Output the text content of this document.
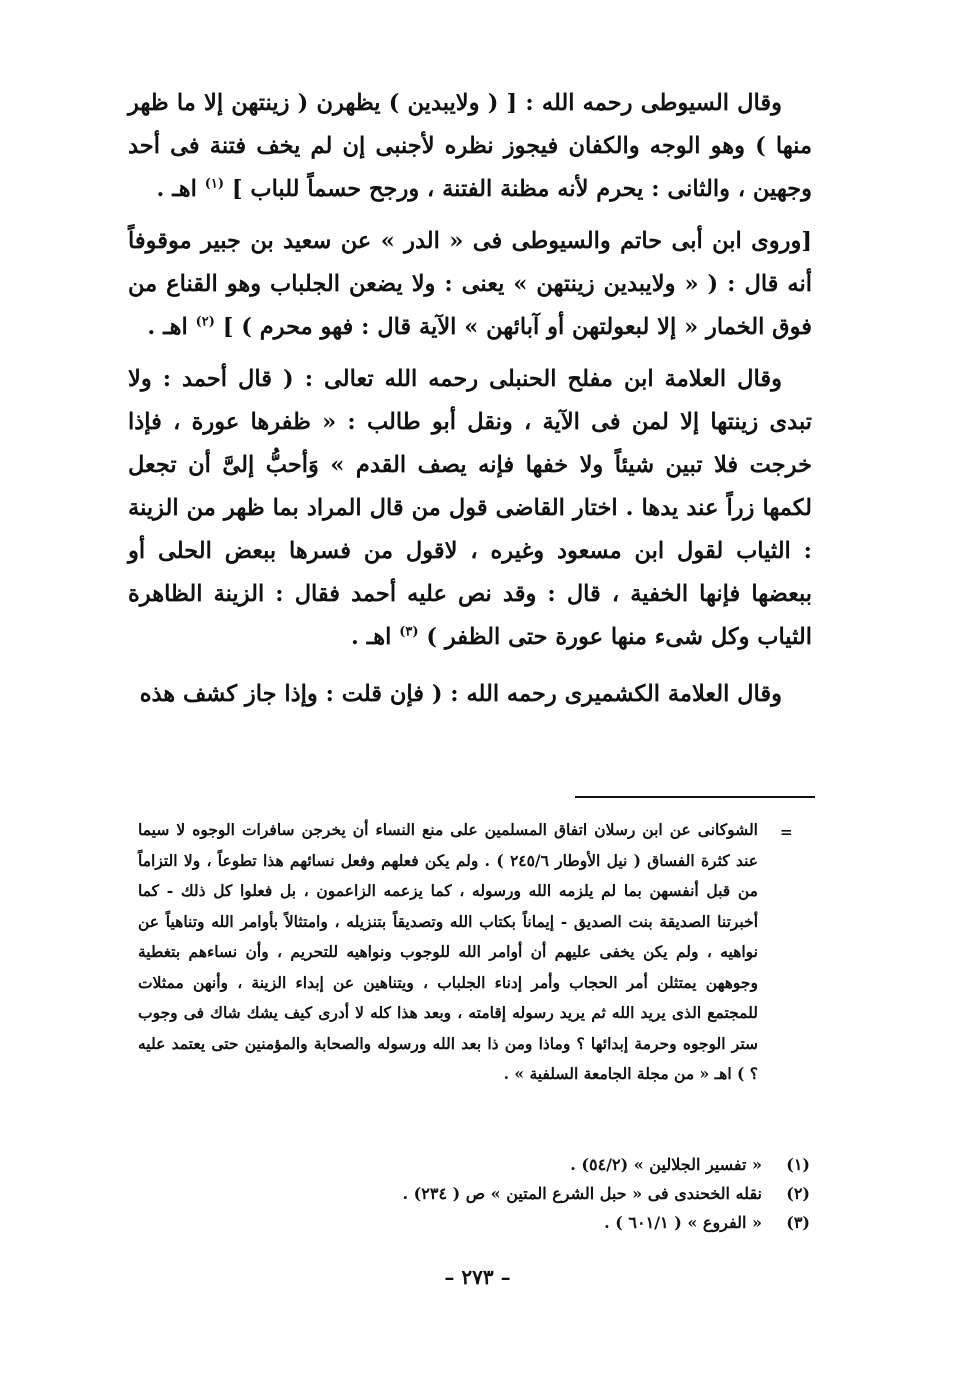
وقال السيوطى رحمه الله : [ ( ولايبدين ) يظهرن ( زينتهن إلا ما ظهر منها ) وهو الوجه والكفان فيجوز نظره لأجنبى إن لم يخف فتنة فى أحد وجهين ، والثانى : يحرم لأنه مظنة الفتنة ، ورجح حسماً للباب ] $^{(١)}$ اهـ .

[وروى ابن أبى حاتم والسيوطى فى « الدر » عن سعيد بن جبير موقوفاً أنه قال : ( « ولايبدين زينتهن » يعنى : ولا يضعن الجلباب وهو القناع من فوق الخمار « إلا لبعولتهن أو آبائهن » الآية قال : فهو محرم ) ] $^{(٢)}$ اهـ .

وقال العلامة ابن مفلح الحنبلى رحمه الله تعالى : ( قال أحمد : ولا تبدى زينتها إلا لمن فى الآية ، ونقل أبو طالب : « ظفرها عورة ، فإذا خرجت فلا تبين شيئاً ولا خفها فإنه يصف القدم » وَأحبُّ إلىَّ أن تجعل لكمها زراً عند يدها . اختار القاضى قول من قال المراد بما ظهر من الزينة : الثياب لقول ابن مسعود وغيره ، لاقول من فسرها ببعض الحلى أو ببعضها فإنها الخفية ، قال : وقد نص عليه أحمد فقال : الزينة الظاهرة الثياب وكل شىء منها عورة حتى الظفر ) $^{(٣)}$ اهـ .

وقال العلامة الكشميرى رحمه الله : ( فإن قلت : وإذا جاز كشف هذه

=
الشوكانى عن ابن رسلان اتفاق المسلمين على منع النساء أن يخرجن سافرات الوجوه لا سيما عند كثرة الفساق ( نيل الأوطار ٢٤٥/٦ ) . ولم يكن فعلهم وفعل نسائهم هذا تطوعاً ، ولا التزاماً من قبل أنفسهن بما لم يلزمه الله ورسوله ، كما يزعمه الزاعمون ، بل فعلوا كل ذلك - كما أخبرتنا الصديقة بنت الصديق - إيماناً بكتاب الله وتصديقاً بتنزيله ، وامتثالاً بأوامر الله وتناهياً عن نواهيه ، ولم يكن يخفى عليهم أن أوامر الله للوجوب ونواهيه للتحريم ، وأن نساءهم بتغطية وجوههن يمتثلن أمر الحجاب وأمر إدناء الجلباب ، ويتناهين عن إبداء الزينة ، وأنهن ممثلات للمجتمع الذى يريد الله ثم يريد رسوله إقامته ، وبعد هذا كله لا أدرى كيف يشك شاك فى وجوب ستر الوجوه وحرمة إبدائها ؟ وماذا ومن ذا بعد الله ورسوله والصحابة والمؤمنين حتى يعتمد عليه ؟ ) اهـ « من مجلة الجامعة السلفية » .
(١)
« تفسير الجلالين » (٥٤/٢) .
(٢)
نقله الخحندى فى « حبل الشرع المتين » ص ( ٢٣٤) .
(٣)
« الفروع » ( ٦٠١/١ ) .
– ٢٧٣ –
